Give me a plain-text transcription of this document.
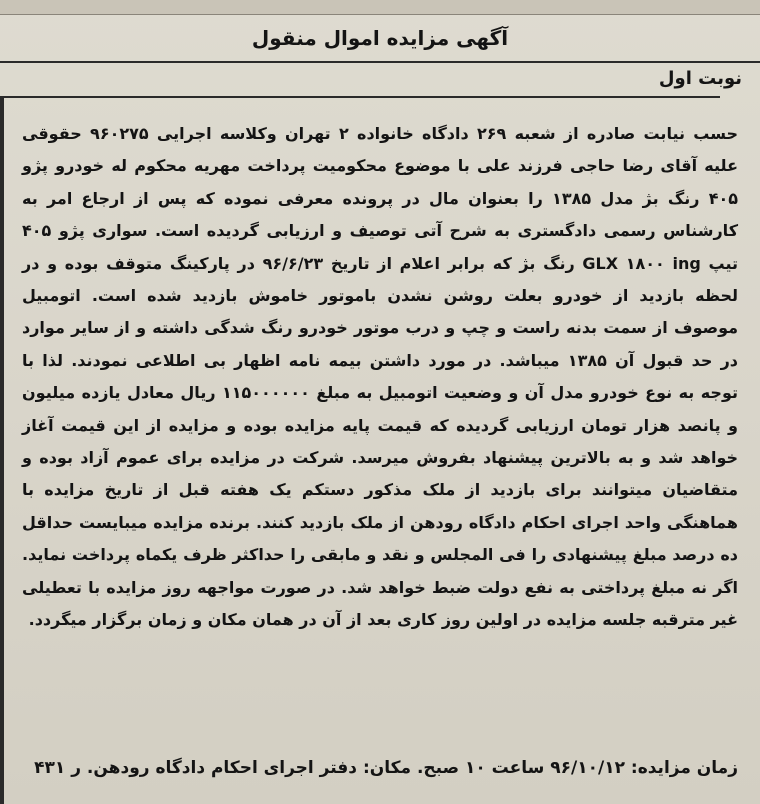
آگهی مزایده اموال منقول
نوبت اول

حسب نیابت صادره از شعبه ۲۶۹ دادگاه خانواده ۲ تهران وکلاسه اجرایی ۹۶۰۲۷۵ حقوقی علیه آقای رضا حاجی فرزند علی با موضوع محکومیت پرداخت مهریه محکوم له خودرو پژو ۴۰۵ رنگ بژ مدل ۱۳۸۵ را بعنوان مال در پرونده معرفی نموده که پس از ارجاع امر به کارشناس رسمی دادگستری به شرح آتی توصیف و ارزیابی گردیده است. سواری پژو ۴۰۵ تیپ GLX ۱۸۰۰ ing رنگ بژ که برابر اعلام از تاریخ ۹۶/۶/۲۳ در پارکینگ متوقف بوده و در لحظه بازدید از خودرو بعلت روشن نشدن باموتور خاموش بازدید شده است. اتومبیل موصوف از سمت بدنه راست و چپ و درب موتور خودرو رنگ شدگی داشته و از سایر موارد در حد قبول آن ۱۳۸۵ میباشد. در مورد داشتن بیمه نامه اظهار بی اطلاعی نمودند. لذا با توجه به نوع خودرو مدل آن و وضعیت اتومبیل به مبلغ ۱۱۵۰۰۰۰۰۰ ریال معادل یازده میلیون و پانصد هزار تومان ارزیابی گردیده که قیمت پایه مزایده بوده و مزایده از این قیمت آغاز خواهد شد و به بالاترین پیشنهاد بفروش میرسد. شرکت در مزایده برای عموم آزاد بوده و متقاضیان میتوانند برای بازدید از ملک مذکور دستکم یک هفته قبل از تاریخ مزایده با هماهنگی واحد اجرای احکام دادگاه رودهن از ملک بازدید کنند. برنده مزایده میبایست حداقل ده درصد مبلغ پیشنهادی را فی المجلس و نقد و مابقی را حداکثر ظرف یکماه پرداخت نماید. اگر نه مبلغ پرداختی به نفع دولت ضبط خواهد شد. در صورت مواجهه روز مزایده با تعطیلی غیر مترقبه جلسه مزایده در اولین روز کاری بعد از آن در همان مکان و زمان برگزار میگردد.

زمان مزایده: ۹۶/۱۰/۱۲ ساعت ۱۰ صبح. مکان: دفتر اجرای احکام دادگاه رودهن. ر ۴۳۱
